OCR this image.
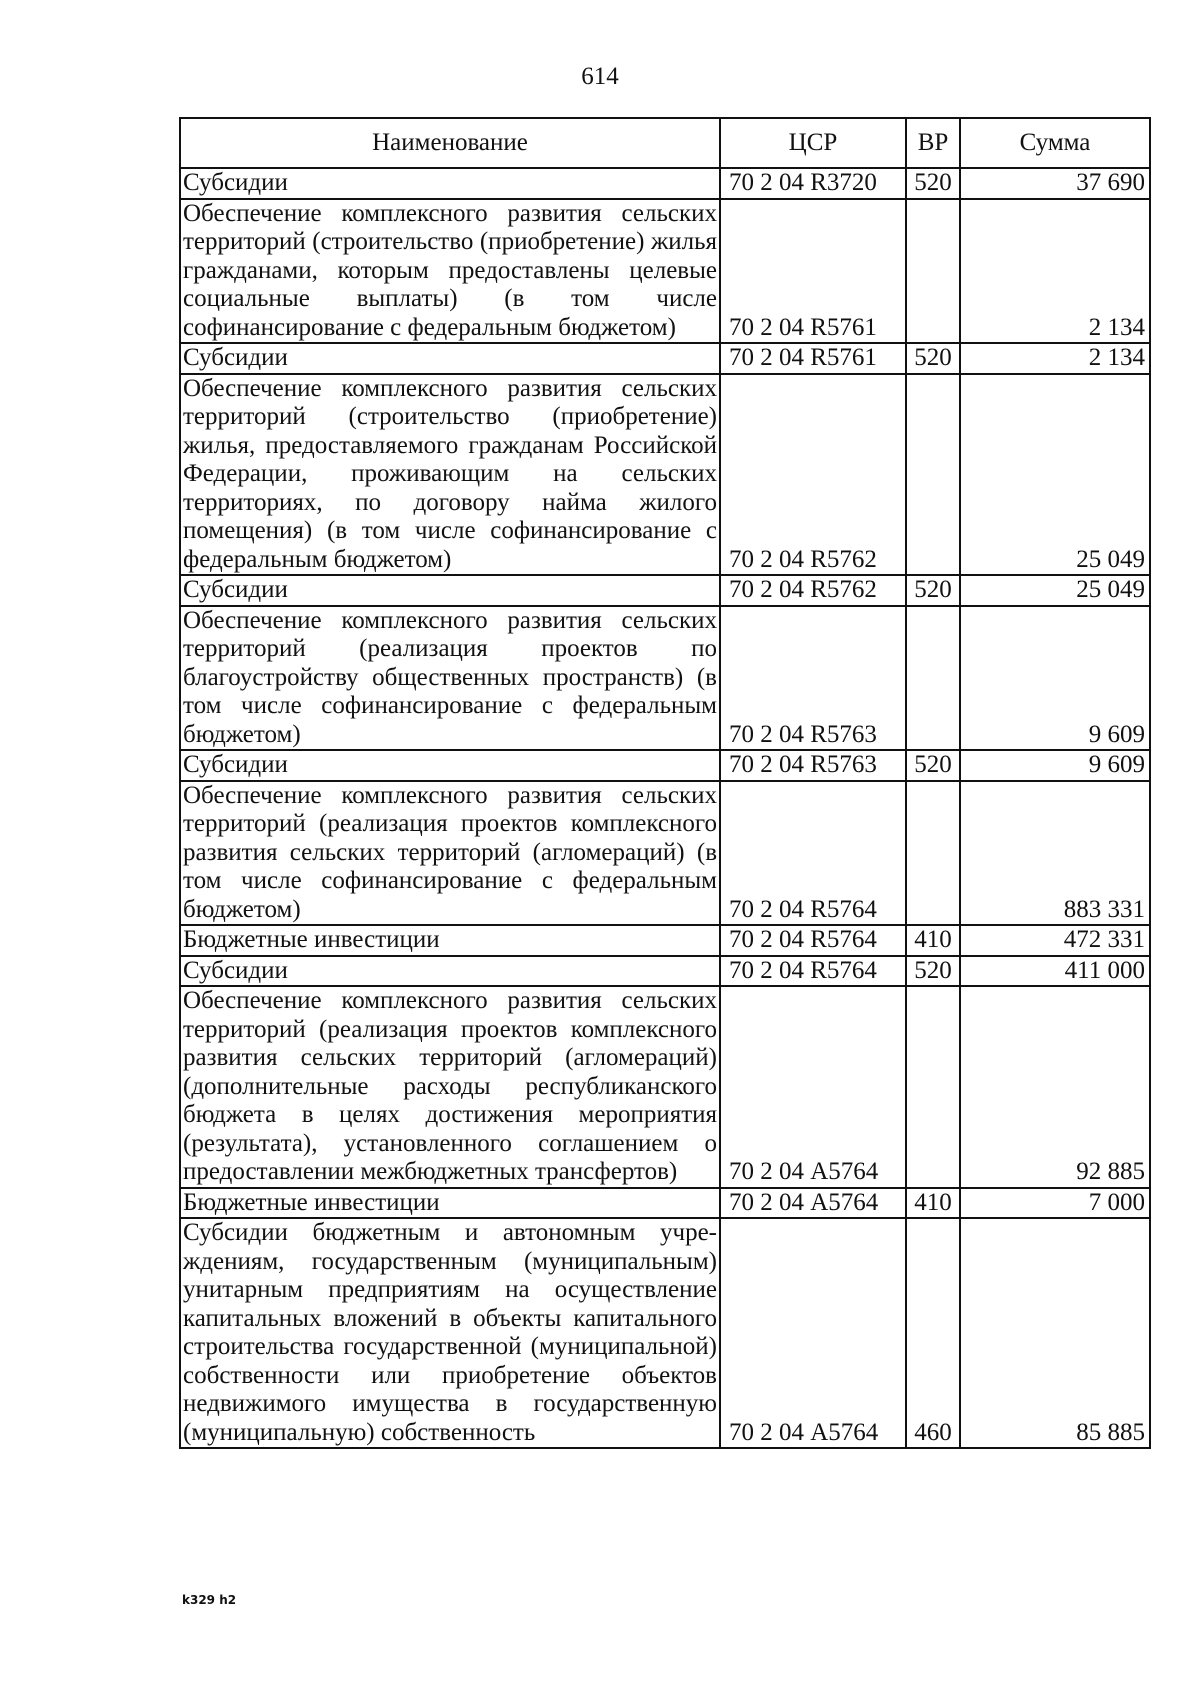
614
Наименование	ЦСР	ВР	Сумма
Субсидии	70 2 04 R3720	520	37 690
Обеспечение комплексного развития сельских территорий (строительство (приобретение) жилья гражданами, которым предоставлены целевые социальные выплаты) (в том числе софинансирование с федеральным бюджетом)	70 2 04 R5761		2 134
Субсидии	70 2 04 R5761	520	2 134
Обеспечение комплексного развития сельских территорий (строительство (приобретение) жилья, предоставляемого гражданам Российской Федерации, проживающим на сельских территориях, по договору найма жилого помещения) (в том числе софинансирование с федеральным бюджетом)	70 2 04 R5762		25 049
Субсидии	70 2 04 R5762	520	25 049
Обеспечение комплексного развития сельских территорий (реализация проектов по благоустройству общественных пространств) (в том числе софинансирование с федеральным бюджетом)	70 2 04 R5763		9 609
Субсидии	70 2 04 R5763	520	9 609
Обеспечение комплексного развития сельских территорий (реализация проектов комплексного развития сельских территорий (агломераций) (в том числе софинансирование с федеральным бюджетом)	70 2 04 R5764		883 331
Бюджетные инвестиции	70 2 04 R5764	410	472 331
Субсидии	70 2 04 R5764	520	411 000
Обеспечение комплексного развития сельских территорий (реализация проектов комплексного развития сельских территорий (агломераций) (дополнительные расходы республиканского бюджета в целях достижения мероприятия (результата), установленного соглашением о предоставлении межбюджетных трансфертов)	70 2 04 А5764		92 885
Бюджетные инвестиции	70 2 04 А5764	410	7 000
Субсидии бюджетным и автономным учреждениям, государственным (муниципальным) унитарным предприятиям на осуществление капитальных вложений в объекты капитального строительства государственной (муниципальной) собственности или приобретение объектов недвижимого имущества в государственную (муниципальную) собственность	70 2 04 А5764	460	85 885
k329 h2
